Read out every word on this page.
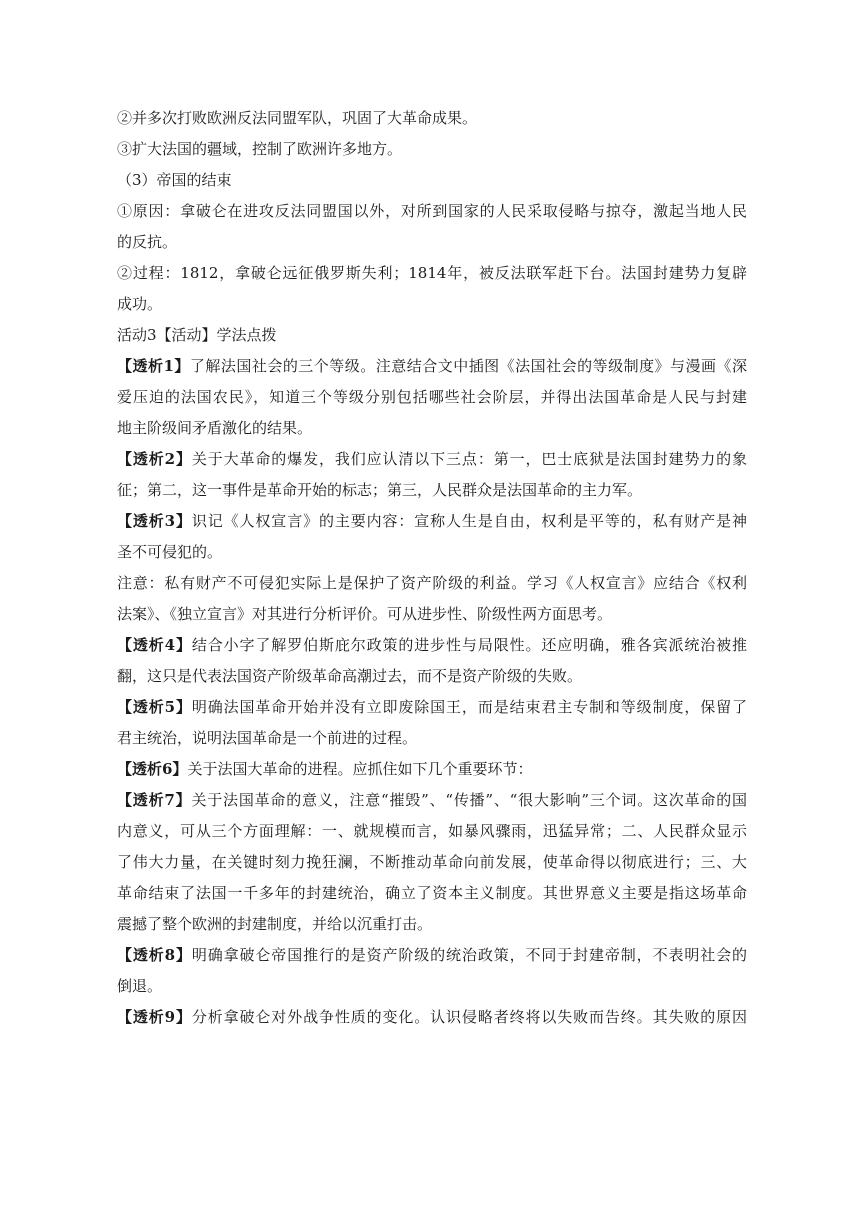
②并多次打败欧洲反法同盟军队，巩固了大革命成果。
③扩大法国的疆域，控制了欧洲许多地方。
（3）帝国的结束
①原因：拿破仑在进攻反法同盟国以外，对所到国家的人民采取侵略与掠夺，激起当地人民
的反抗。
②过程：1812，拿破仑远征俄罗斯失利；1814年，被反法联军赶下台。法国封建势力复辟
成功。
活动3【活动】学法点拨
【透析1】了解法国社会的三个等级。注意结合文中插图《法国社会的等级制度》与漫画《深
爱压迫的法国农民》，知道三个等级分别包括哪些社会阶层，并得出法国革命是人民与封建
地主阶级间矛盾激化的结果。
【透析2】关于大革命的爆发，我们应认清以下三点：第一，巴士底狱是法国封建势力的象
征；第二，这一事件是革命开始的标志；第三，人民群众是法国革命的主力军。
【透析3】识记《人权宣言》的主要内容：宣称人生是自由，权利是平等的，私有财产是神
圣不可侵犯的。
注意：私有财产不可侵犯实际上是保护了资产阶级的利益。学习《人权宣言》应结合《权利
法案》、《独立宣言》对其进行分析评价。可从进步性、阶级性两方面思考。
【透析4】结合小字了解罗伯斯庇尔政策的进步性与局限性。还应明确，雅各宾派统治被推
翻，这只是代表法国资产阶级革命高潮过去，而不是资产阶级的失败。
【透析5】明确法国革命开始并没有立即废除国王，而是结束君主专制和等级制度，保留了
君主统治，说明法国革命是一个前进的过程。
【透析6】关于法国大革命的进程。应抓住如下几个重要环节：
【透析7】关于法国革命的意义，注意“摧毁”、“传播”、“很大影响”三个词。这次革命的国
内意义，可从三个方面理解：一、就规模而言，如暴风骤雨，迅猛异常；二、人民群众显示
了伟大力量，在关键时刻力挽狂澜，不断推动革命向前发展，使革命得以彻底进行；三、大
革命结束了法国一千多年的封建统治，确立了资本主义制度。其世界意义主要是指这场革命
震撼了整个欧洲的封建制度，并给以沉重打击。
【透析8】明确拿破仑帝国推行的是资产阶级的统治政策，不同于封建帝制，不表明社会的
倒退。
【透析9】分析拿破仑对外战争性质的变化。认识侵略者终将以失败而告终。其失败的原因
